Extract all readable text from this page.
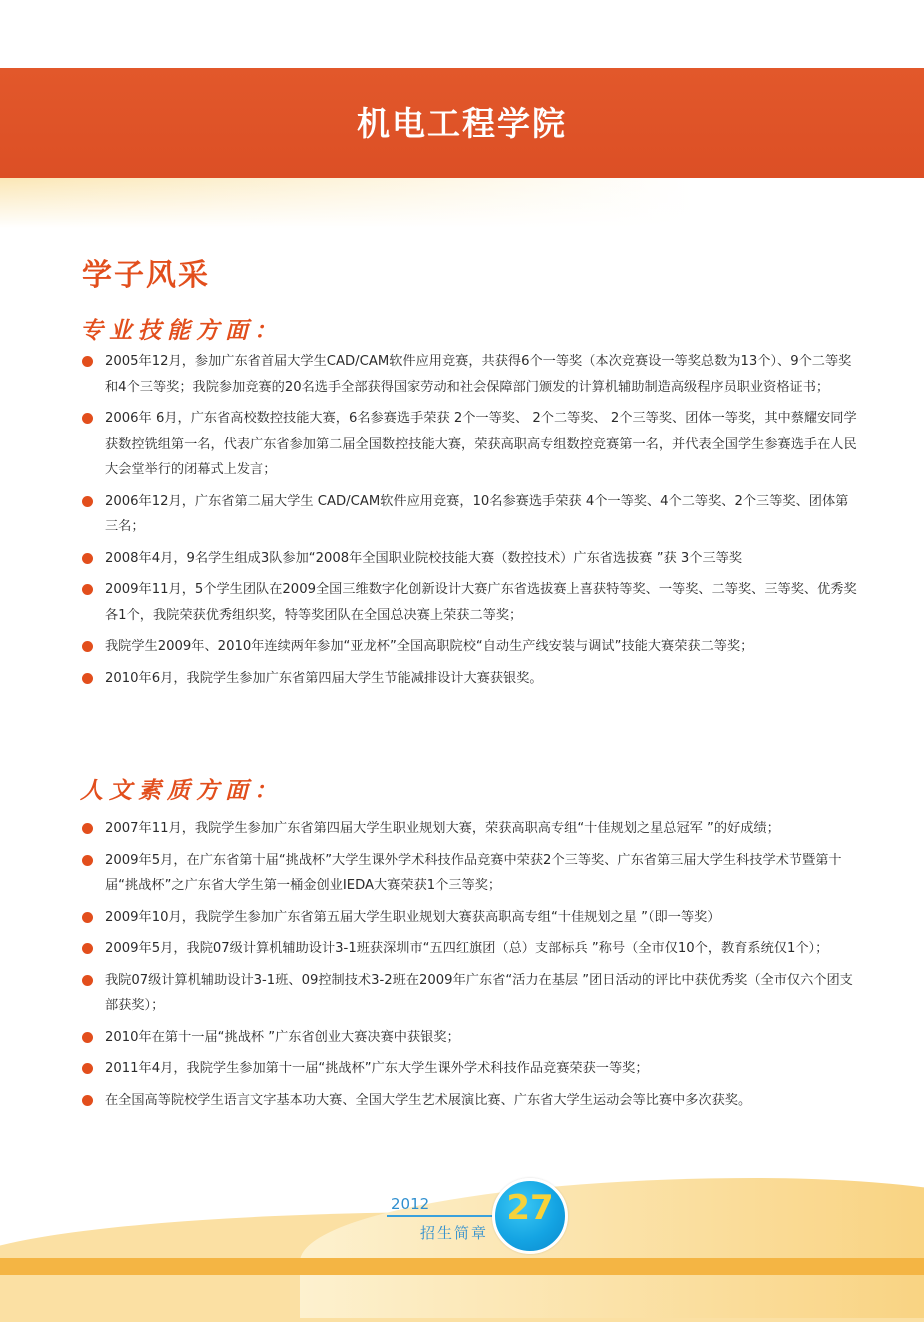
机电工程学院
学子风采
专业技能方面：
2005年12月，参加广东省首届大学生CAD/CAM软件应用竞赛，共获得6个一等奖（本次竞赛设一等奖总数为13个）、9个二等奖和4个三等奖；我院参加竞赛的20名选手全部获得国家劳动和社会保障部门颁发的计算机辅助制造高级程序员职业资格证书；
2006年 6月，广东省高校数控技能大赛，6名参赛选手荣获 2个一等奖、 2个二等奖、 2个三等奖、团体一等奖，其中蔡耀安同学获数控铣组第一名，代表广东省参加第二届全国数控技能大赛，荣获高职高专组数控竞赛第一名，并代表全国学生参赛选手在人民大会堂举行的闭幕式上发言；
2006年12月，广东省第二届大学生 CAD/CAM软件应用竞赛，10名参赛选手荣获 4个一等奖、4个二等奖、2个三等奖、团体第三名；
2008年4月，9名学生组成3队参加“2008年全国职业院校技能大赛（数控技术）广东省选拔赛 ”获 3个三等奖
2009年11月，5个学生团队在2009全国三维数字化创新设计大赛广东省选拔赛上喜获特等奖、一等奖、二等奖、三等奖、优秀奖各1个，我院荣获优秀组织奖，特等奖团队在全国总决赛上荣获二等奖；
我院学生2009年、2010年连续两年参加“亚龙杯”全国高职院校“自动生产线安装与调试”技能大赛荣获二等奖；
2010年6月，我院学生参加广东省第四届大学生节能减排设计大赛获银奖。
人文素质方面：
2007年11月，我院学生参加广东省第四届大学生职业规划大赛，荣获高职高专组“十佳规划之星总冠军 ”的好成绩；
2009年5月，在广东省第十届“挑战杯”大学生课外学术科技作品竞赛中荣获2个三等奖、广东省第三届大学生科技学术节暨第十届“挑战杯”之广东省大学生第一桶金创业IEDA大赛荣获1个三等奖；
2009年10月，我院学生参加广东省第五届大学生职业规划大赛获高职高专组“十佳规划之星 ”（即一等奖）
2009年5月，我院07级计算机辅助设计3-1班获深圳市“五四红旗团（总）支部标兵 ”称号（全市仅10个，教育系统仅1个）；
我院07级计算机辅助设计3-1班、09控制技术3-2班在2009年广东省“活力在基层 ”团日活动的评比中获优秀奖（全市仅六个团支部获奖）；
2010年在第十一届“挑战杯 ”广东省创业大赛决赛中获银奖；
2011年4月，我院学生参加第十一届“挑战杯”广东大学生课外学术科技作品竞赛荣获一等奖；
在全国高等院校学生语言文字基本功大赛、全国大学生艺术展演比赛、广东省大学生运动会等比赛中多次获奖。
2012
招生简章
27
